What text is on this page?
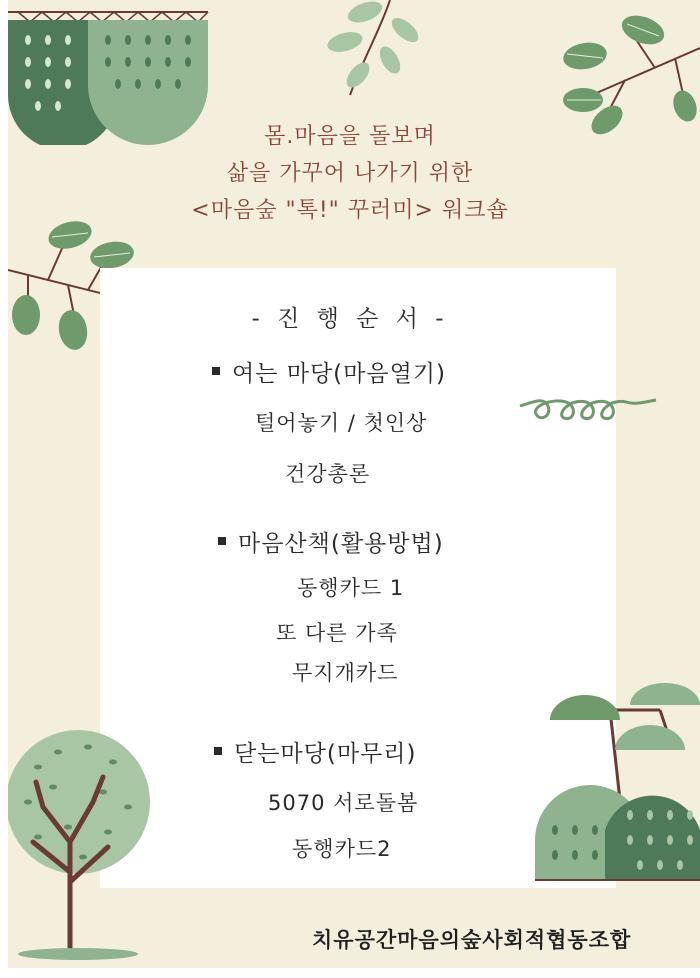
몸.마음을 돌보며
삶을 가꾸어 나가기 위한
<마음숲 "톡!" 꾸러미> 워크숍
- 진 행 순 서 -
여는 마당(마음열기)
털어놓기 / 첫인상
건강총론
마음산책(활용방법)
동행카드 1
또 다른 가족
무지개카드
닫는마당(마무리)
5070 서로돌봄
동행카드2
치유공간마음의숲사회적협동조합
